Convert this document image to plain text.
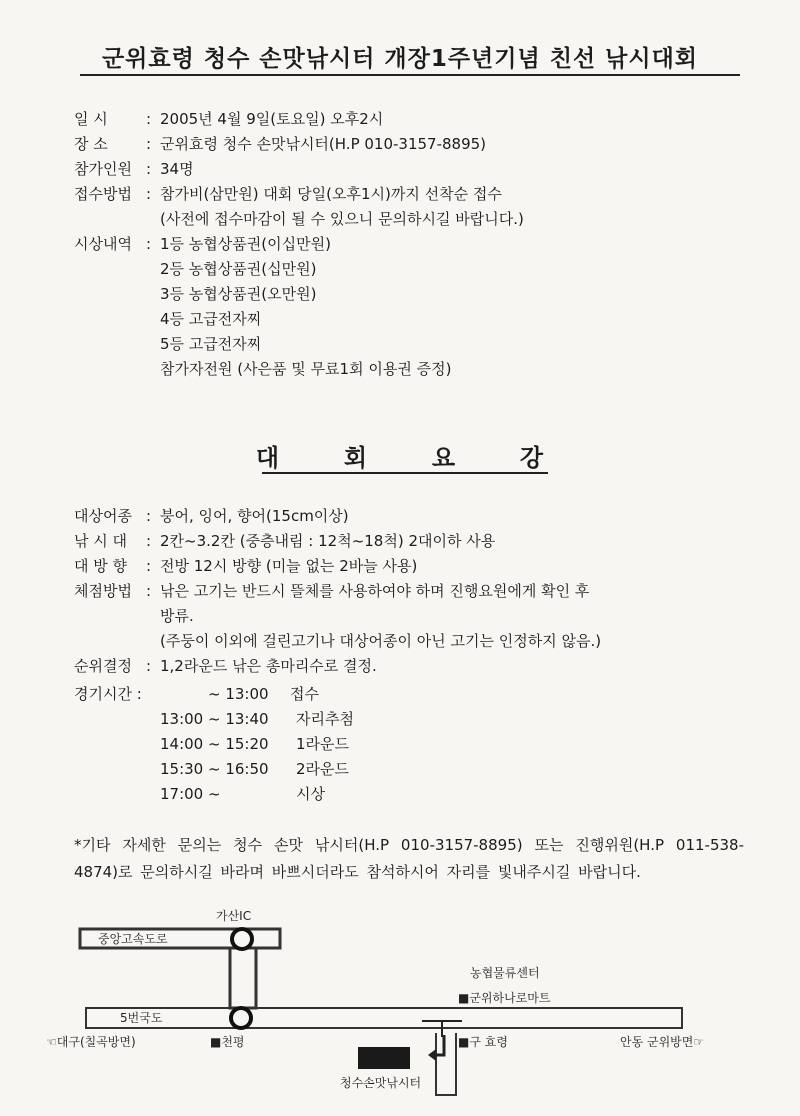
군위효령 청수 손맛낚시터 개장1주년기념 친선 낚시대회
일 시	: 2005년 4월 9일(토요일) 오후2시
장 소	: 군위효령 청수 손맛낚시터(H.P 010-3157-8895)
참가인원 : 34명
접수방법 : 참가비(삼만원) 대회 당일(오후1시)까지 선착순 접수
(사전에 접수마감이 될 수 있으니 문의하시길 바랍니다.)
시상내역 : 1등 농협상품권(이십만원)
2등 농협상품권(십만원)
3등 농협상품권(오만원)
4등 고급전자찌
5등 고급전자찌
참가자전원 (사은품 및 무료1회 이용권 증정)
대	회	요	강
대상어종 : 붕어, 잉어, 향어(15cm이상)
낚 시 대 : 2칸~3.2칸 (중층내림 : 12척~18척) 2대이하 사용
대 방 향 : 전방 12시 방향 (미늘 없는 2바늘 사용)
체점방법 : 낚은 고기는 반드시 뜰체를 사용하여야 하며 진행요원에게 확인 후
방류.
(주둥이 이외에 걸린고기나 대상어종이 아닌 고기는 인정하지 않음.)
순위결정 : 1,2라운드 낚은 총마리수로 결정.
경기시간 :	~ 13:00 접수
13:00 ~ 13:40 자리추첨
14:00 ~ 15:20 1라운드
15:30 ~ 16:50 2라운드
17:00 ~	시상
*기타 자세한 문의는 청수 손맛 낚시터(H.P 010-3157-8895) 또는 진행위원(H.P 011-538-4874)로 문의하시길 바라며 바쁘시더라도 참석하시어 자리를 빛내주시길 바랍니다.
가산IC
중앙고속도로
5번국도
농협물류센터
■군위하나로마트
☜대구(칠곡방면)	■천평	■구 효령	안동 군위방면☞
청수손맛낚시터
